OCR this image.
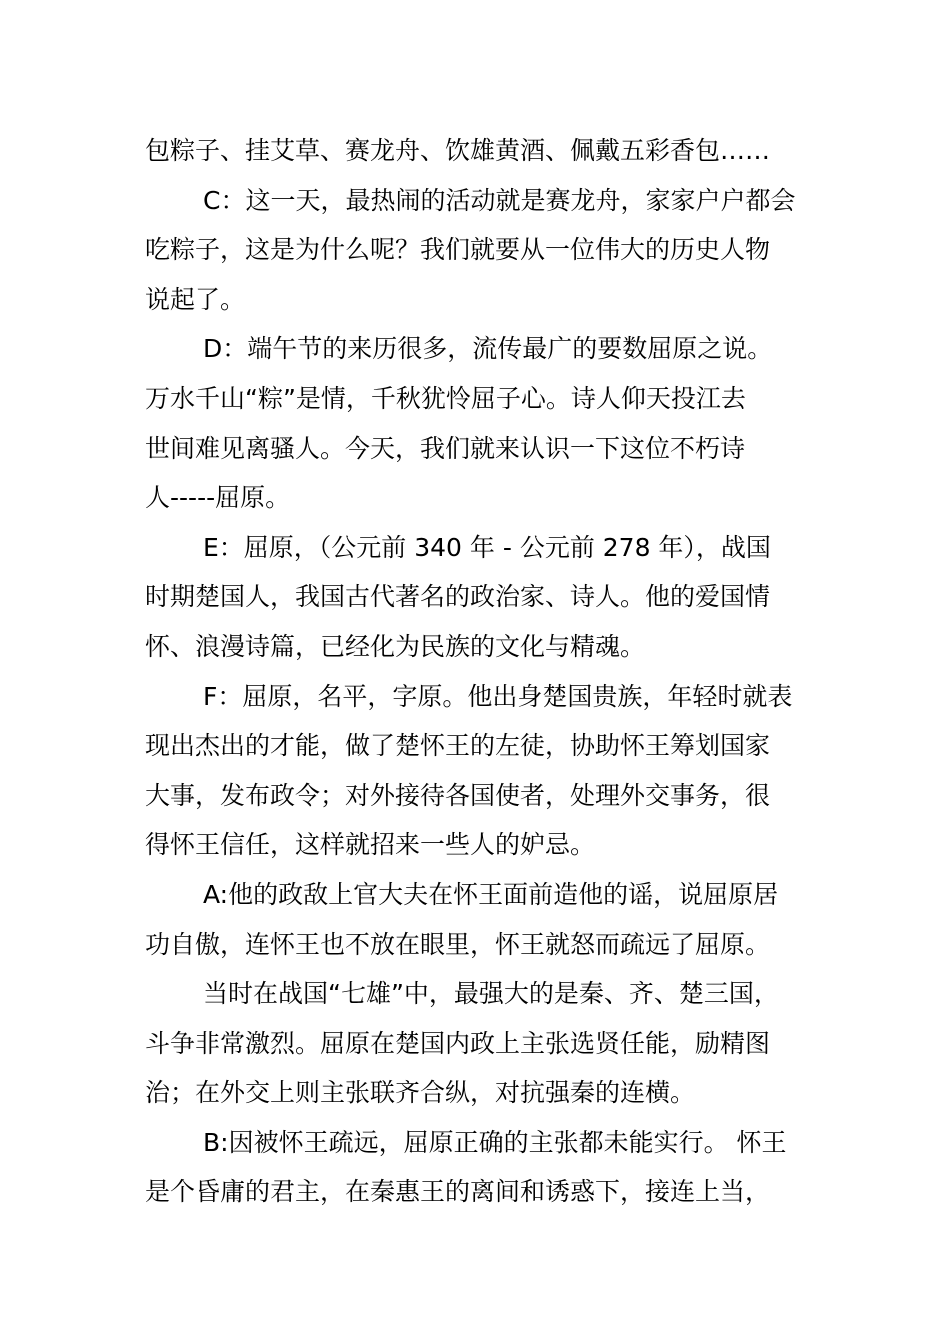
包粽子、挂艾草、赛龙舟、饮雄黄酒、佩戴五彩香包……
C：这一天，最热闹的活动就是赛龙舟，家家户户都会
吃粽子，这是为什么呢？我们就要从一位伟大的历史人物
说起了。
D：端午节的来历很多，流传最广的要数屈原之说。
万水千山“粽”是情，千秋犹怜屈子心。诗人仰天投江去
世间难见离骚人。今天，我们就来认识一下这位不朽诗
人-----屈原。
E：屈原，（公元前 340 年 - 公元前 278 年），战国
时期楚国人，我国古代著名的政治家、诗人。他的爱国情
怀、浪漫诗篇，已经化为民族的文化与精魂。
F：屈原，名平，字原。他出身楚国贵族，年轻时就表
现出杰出的才能，做了楚怀王的左徒，协助怀王筹划国家
大事，发布政令；对外接待各国使者，处理外交事务，很
得怀王信任，这样就招来一些人的妒忌。
A:他的政敌上官大夫在怀王面前造他的谣，说屈原居
功自傲，连怀王也不放在眼里，怀王就怒而疏远了屈原。
当时在战国“七雄”中，最强大的是秦、齐、楚三国，
斗争非常激烈。屈原在楚国内政上主张选贤任能，励精图
治；在外交上则主张联齐合纵，对抗强秦的连横。
B:因被怀王疏远，屈原正确的主张都未能实行。 怀王
是个昏庸的君主，在秦惠王的离间和诱惑下，接连上当，
